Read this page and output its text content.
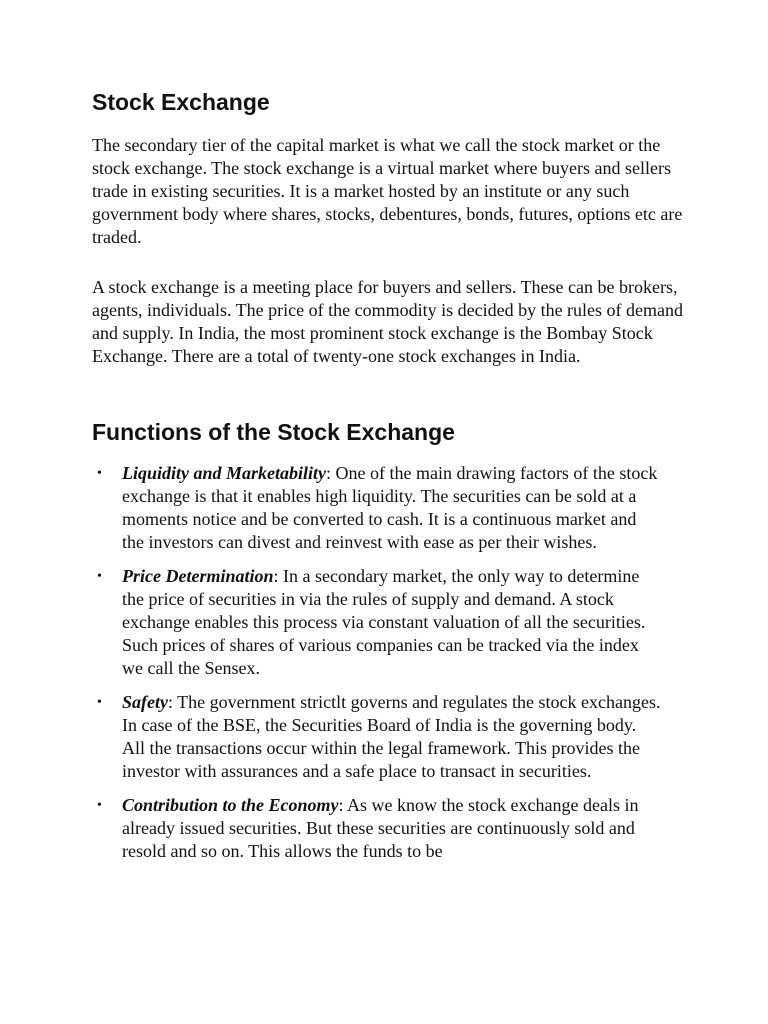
Stock Exchange

The secondary tier of the capital market is what we call the stock market or the stock exchange. The stock exchange is a virtual market where buyers and sellers trade in existing securities. It is a market hosted by an institute or any such government body where shares, stocks, debentures, bonds, futures, options etc are traded.

A stock exchange is a meeting place for buyers and sellers. These can be brokers, agents, individuals. The price of the commodity is decided by the rules of demand and supply. In India, the most prominent stock exchange is the Bombay Stock Exchange. There are a total of twenty-one stock exchanges in India.

Functions of the Stock Exchange
• Liquidity and Marketability: One of the main drawing factors of the stock exchange is that it enables high liquidity. The securities can be sold at a moments notice and be converted to cash. It is a continuous market and the investors can divest and reinvest with ease as per their wishes.
• Price Determination: In a secondary market, the only way to determine the price of securities in via the rules of supply and demand. A stock exchange enables this process via constant valuation of all the securities. Such prices of shares of various companies can be tracked via the index we call the Sensex.
• Safety: The government strictlt governs and regulates the stock exchanges. In case of the BSE, the Securities Board of India is the governing body. All the transactions occur within the legal framework. This provides the investor with assurances and a safe place to transact in securities.
• Contribution to the Economy: As we know the stock exchange deals in already issued securities. But these securities are continuously sold and resold and so on. This allows the funds to be
